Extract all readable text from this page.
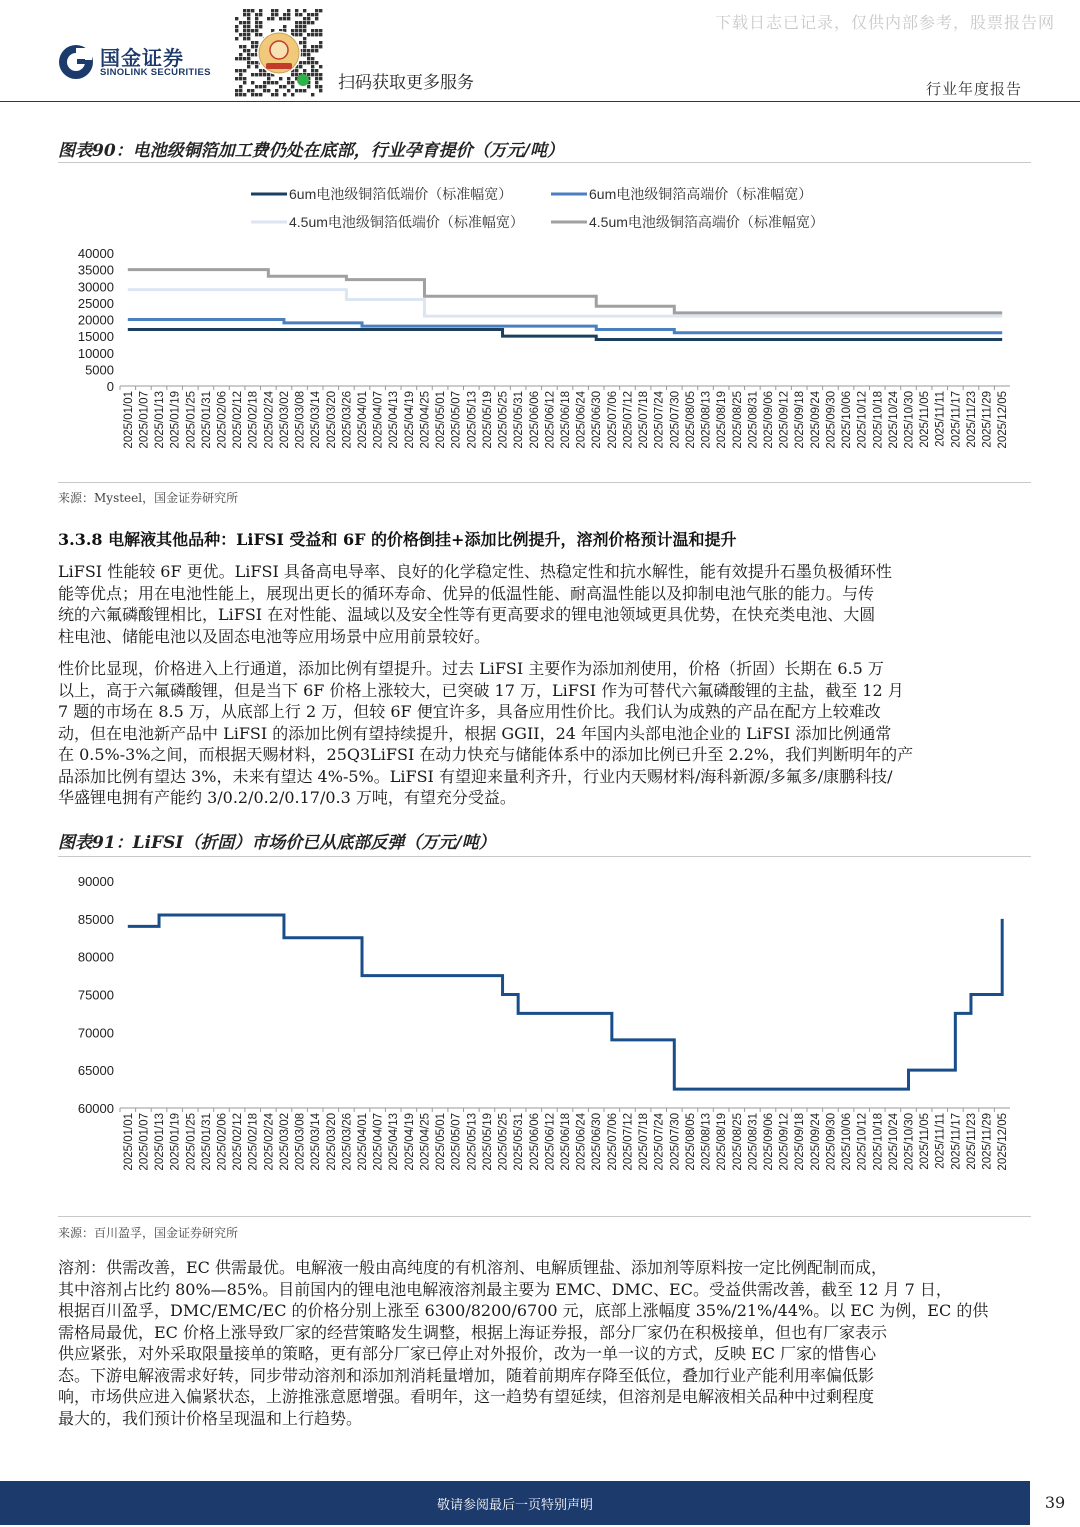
下载日志已记录，仅供内部参考，股票报告网
国金证券
SINOLINK SECURITIES
扫码获取更多服务	行业年度报告
图表90：电池级铜箔加工费仍处在底部，行业孕育提价（万元/吨）
6um电池级铜箔低端价（标准幅宽）	6um电池级铜箔高端价（标准幅宽）
4.5um电池级铜箔低端价（标准幅宽）	4.5um电池级铜箔高端价（标准幅宽）
0
5000
10000
15000
20000
25000
30000
35000
40000
2025/01/01 2025/01/07 2025/01/13 2025/01/19 2025/01/25 2025/01/31 2025/02/06 2025/02/12 2025/02/18 2025/02/24 2025/03/02 2025/03/08 2025/03/14 2025/03/20 2025/03/26 2025/04/01 2025/04/07 2025/04/13 2025/04/19 2025/04/25 2025/05/01 2025/05/07 2025/05/13 2025/05/19 2025/05/25 2025/05/31 2025/06/06 2025/06/12 2025/06/18 2025/06/24 2025/06/30 2025/07/06 2025/07/12 2025/07/18 2025/07/24 2025/07/30 2025/08/05 2025/08/13 2025/08/19 2025/08/25 2025/08/31 2025/09/06 2025/09/12 2025/09/18 2025/09/24 2025/09/30 2025/10/06 2025/10/12 2025/10/18 2025/10/24 2025/10/30 2025/11/05 2025/11/11 2025/11/17 2025/11/23 2025/11/29 2025/12/05
来源：Mysteel，国金证券研究所
3.3.8 电解液其他品种：LiFSI 受益和 6F 的价格倒挂+添加比例提升，溶剂价格预计温和提升
LiFSI 性能较 6F 更优。LiFSI 具备高电导率、良好的化学稳定性、热稳定性和抗水解性，能有效提升石墨负极循环性
能等优点；用在电池性能上，展现出更长的循环寿命、优异的低温性能、耐高温性能以及抑制电池气胀的能力。与传
统的六氟磷酸锂相比，LiFSI 在对性能、温域以及安全性等有更高要求的锂电池领域更具优势，在快充类电池、大圆
柱电池、储能电池以及固态电池等应用场景中应用前景较好。
性价比显现，价格进入上行通道，添加比例有望提升。过去 LiFSI 主要作为添加剂使用，价格（折固）长期在 6.5 万
以上，高于六氟磷酸锂，但是当下 6F 价格上涨较大，已突破 17 万，LiFSI 作为可替代六氟磷酸锂的主盐，截至 12 月
7 题的市场在 8.5 万，从底部上行 2 万，但较 6F 便宜许多，具备应用性价比。我们认为成熟的产品在配方上较难改
动，但在电池新产品中 LiFSI 的添加比例有望持续提升，根据 GGII，24 年国内头部电池企业的 LiFSI 添加比例通常
在 0.5%-3%之间，而根据天赐材料，25Q3LiFSI 在动力快充与储能体系中的添加比例已升至 2.2%，我们判断明年的产
品添加比例有望达 3%，未来有望达 4%-5%。LiFSI 有望迎来量利齐升，行业内天赐材料/海科新源/多氟多/康鹏科技/
华盛锂电拥有产能约 3/0.2/0.2/0.17/0.3 万吨，有望充分受益。
图表91：LiFSI（折固）市场价已从底部反弹（万元/吨）
60000
65000
70000
75000
80000
85000
90000
2025/01/01 2025/01/07 2025/01/13 2025/01/19 2025/01/25 2025/01/31 2025/02/06 2025/02/12 2025/02/18 2025/02/24 2025/03/02 2025/03/08 2025/03/14 2025/03/20 2025/03/26 2025/04/01 2025/04/07 2025/04/13 2025/04/19 2025/04/25 2025/05/01 2025/05/07 2025/05/13 2025/05/19 2025/05/25 2025/05/31 2025/06/06 2025/06/12 2025/06/18 2025/06/24 2025/06/30 2025/07/06 2025/07/12 2025/07/18 2025/07/24 2025/07/30 2025/08/05 2025/08/13 2025/08/19 2025/08/25 2025/08/31 2025/09/06 2025/09/12 2025/09/18 2025/09/24 2025/09/30 2025/10/06 2025/10/12 2025/10/18 2025/10/24 2025/10/30 2025/11/05 2025/11/11 2025/11/17 2025/11/23 2025/11/29 2025/12/05
来源：百川盈孚，国金证券研究所
溶剂：供需改善，EC 供需最优。电解液一般由高纯度的有机溶剂、电解质锂盐、添加剂等原料按一定比例配制而成，
其中溶剂占比约 80%—85%。目前国内的锂电池电解液溶剂最主要为 EMC、DMC、EC。受益供需改善，截至 12 月 7 日，
根据百川盈孚，DMC/EMC/EC 的价格分别上涨至 6300/8200/6700 元，底部上涨幅度 35%/21%/44%。以 EC 为例，EC 的供
需格局最优，EC 价格上涨导致厂家的经营策略发生调整，根据上海证券报，部分厂家仍在积极接单，但也有厂家表示
供应紧张，对外采取限量接单的策略，更有部分厂家已停止对外报价，改为一单一议的方式，反映 EC 厂家的惜售心
态。下游电解液需求好转，同步带动溶剂和添加剂消耗量增加，随着前期库存降至低位，叠加行业产能利用率偏低影
响，市场供应进入偏紧状态，上游推涨意愿增强。看明年，这一趋势有望延续，但溶剂是电解液相关品种中过剩程度
最大的，我们预计价格呈现温和上行趋势。
敬请参阅最后一页特别声明	39
